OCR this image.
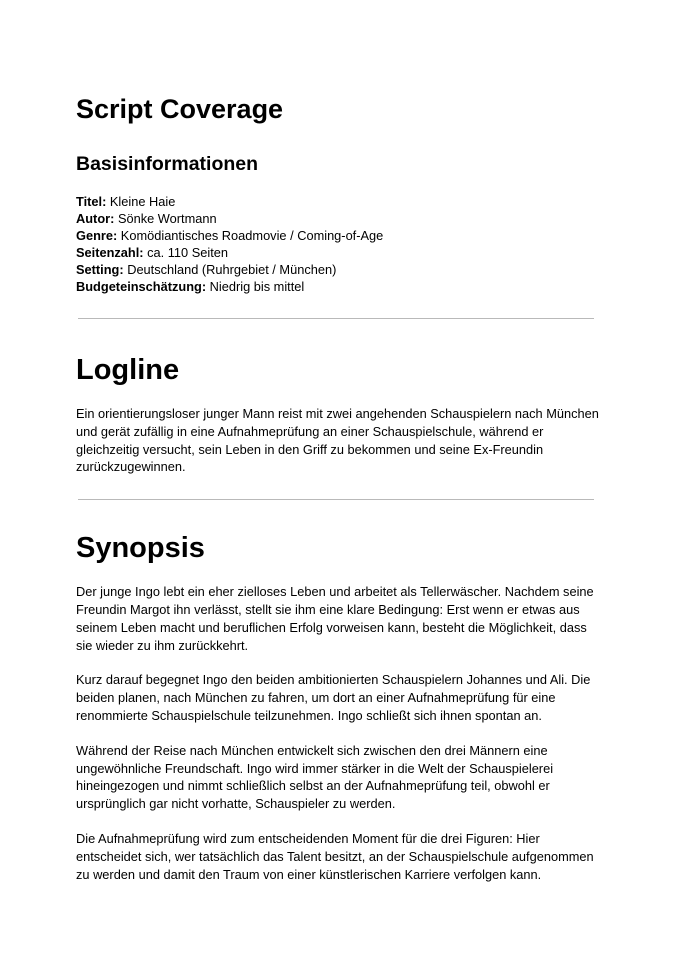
Script Coverage
Basisinformationen
Titel: Kleine Haie
Autor: Sönke Wortmann
Genre: Komödiantisches Roadmovie / Coming-of-Age
Seitenzahl: ca. 110 Seiten
Setting: Deutschland (Ruhrgebiet / München)
Budgeteinschätzung: Niedrig bis mittel
Logline

Ein orientierungsloser junger Mann reist mit zwei angehenden Schauspielern nach München und gerät zufällig in eine Aufnahmeprüfung an einer Schauspielschule, während er gleichzeitig versucht, sein Leben in den Griff zu bekommen und seine Ex-Freundin zurückzugewinnen.

Synopsis

Der junge Ingo lebt ein eher zielloses Leben und arbeitet als Tellerwäscher. Nachdem seine Freundin Margot ihn verlässt, stellt sie ihm eine klare Bedingung: Erst wenn er etwas aus seinem Leben macht und beruflichen Erfolg vorweisen kann, besteht die Möglichkeit, dass sie wieder zu ihm zurückkehrt.

Kurz darauf begegnet Ingo den beiden ambitionierten Schauspielern Johannes und Ali. Die beiden planen, nach München zu fahren, um dort an einer Aufnahmeprüfung für eine renommierte Schauspielschule teilzunehmen. Ingo schließt sich ihnen spontan an.

Während der Reise nach München entwickelt sich zwischen den drei Männern eine ungewöhnliche Freundschaft. Ingo wird immer stärker in die Welt der Schauspielerei hineingezogen und nimmt schließlich selbst an der Aufnahmeprüfung teil, obwohl er ursprünglich gar nicht vorhatte, Schauspieler zu werden.

Die Aufnahmeprüfung wird zum entscheidenden Moment für die drei Figuren: Hier entscheidet sich, wer tatsächlich das Talent besitzt, an der Schauspielschule aufgenommen zu werden und damit den Traum von einer künstlerischen Karriere verfolgen kann.
